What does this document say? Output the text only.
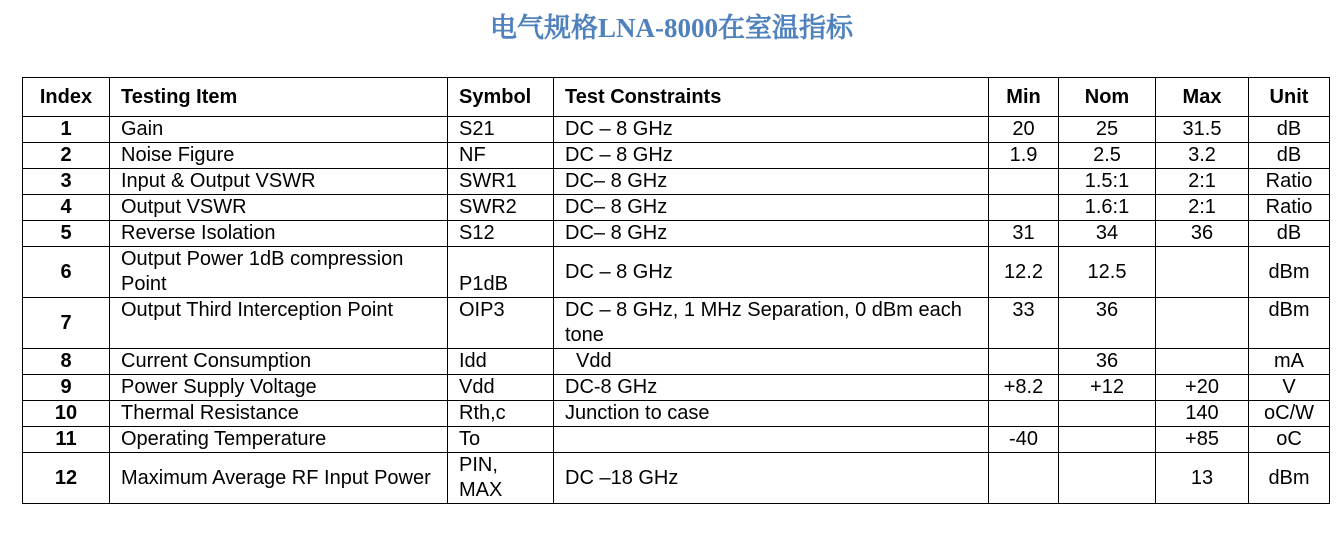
电气规格LNA-8000在室温指标
Index	Testing Item	Symbol	Test Constraints	Min	Nom	Max	Unit
1	Gain	S21	DC – 8 GHz	20	25	31.5	dB
2	Noise Figure	NF	DC – 8 GHz	1.9	2.5	3.2	dB
3	Input & Output VSWR	SWR1	DC– 8 GHz		1.5:1	2:1	Ratio
4	Output VSWR	SWR2	DC– 8 GHz		1.6:1	2:1	Ratio
5	Reverse Isolation	S12	DC– 8 GHz	31	34	36	dB
6	Output Power 1dB compression Point	P1dB	DC – 8 GHz	12.2	12.5		dBm
7	Output Third Interception Point	OIP3	DC – 8 GHz, 1 MHz Separation, 0 dBm each tone	33	36		dBm
8	Current Consumption	Idd	Vdd		36		mA
9	Power Supply Voltage	Vdd	DC-8 GHz	+8.2	+12	+20	V
10	Thermal Resistance	Rth,c	Junction to case			140	oC/W
11	Operating Temperature	To		-40		+85	oC
12	Maximum Average RF Input Power	PIN, MAX	DC –18 GHz			13	dBm
